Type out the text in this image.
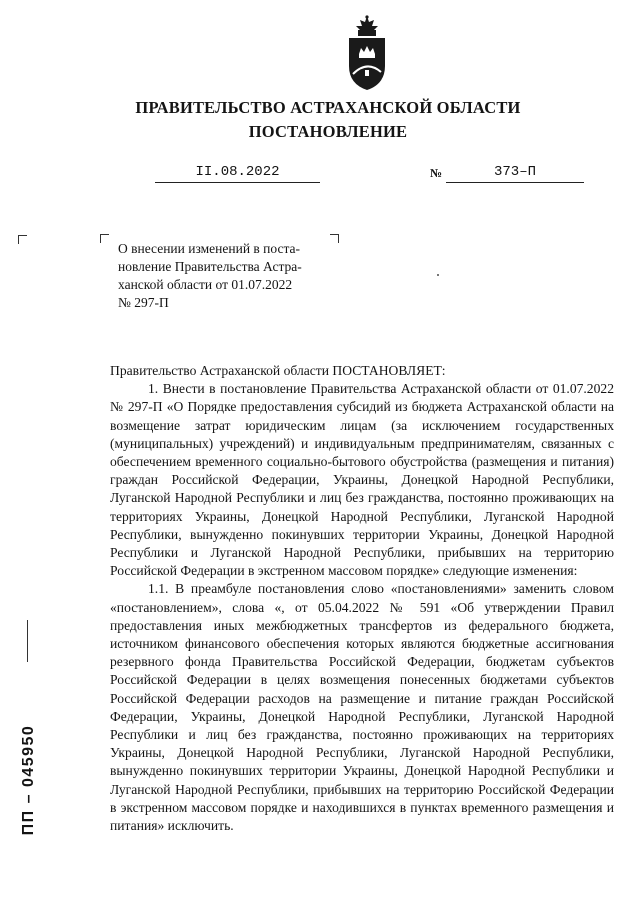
ПРАВИТЕЛЬСТВО АСТРАХАНСКОЙ ОБЛАСТИ
ПОСТАНОВЛЕНИЕ
II.08.2022	№	373–П
О внесении изменений в поста-
новление Правительства Астра-
ханской области от 01.07.2022
№ 297-П

Правительство Астраханской области ПОСТАНОВЛЯЕТ:

1. Внести в постановление Правительства Астраханской области от 01.07.2022 № 297-П «О Порядке предоставления субсидий из бюджета Астраханской области на возмещение затрат юридическим лицам (за исключением государственных (муниципальных) учреждений) и индивидуальным предпринимателям, связанных с обеспечением временного социально-бытового обустройства (размещения и питания) граждан Российской Федерации, Украины, Донецкой Народной Республики, Луганской Народной Республики и лиц без гражданства, постоянно проживающих на территориях Украины, Донецкой Народной Республики, Луганской Народной Республики, вынужденно покинувших территории Украины, Донецкой Народной Республики и Луганской Народной Республики, прибывших на территорию Российской Федерации в экстренном массовом порядке» следующие изменения:

1.1. В преамбуле постановления слово «постановлениями» заменить словом «постановлением», слова «, от 05.04.2022 № 591 «Об утверждении Правил предоставления иных межбюджетных трансфертов из федерального бюджета, источником финансового обеспечения которых являются бюджетные ассигнования резервного фонда Правительства Российской Федерации, бюджетам субъектов Российской Федерации в целях возмещения понесенных бюджетами субъектов Российской Федерации расходов на размещение и питание граждан Российской Федерации, Украины, Донецкой Народной Республики, Луганской Народной Республики и лиц без гражданства, постоянно проживающих на территориях Украины, Донецкой Народной Республики, Луганской Народной Республики, вынужденно покинувших территории Украины, Донецкой Народной Республики и Луганской Народной Республики, прибывших на территорию Российской Федерации в экстренном массовом порядке и находившихся в пунктах временного размещения и питания» исключить.

ПП – 045950
